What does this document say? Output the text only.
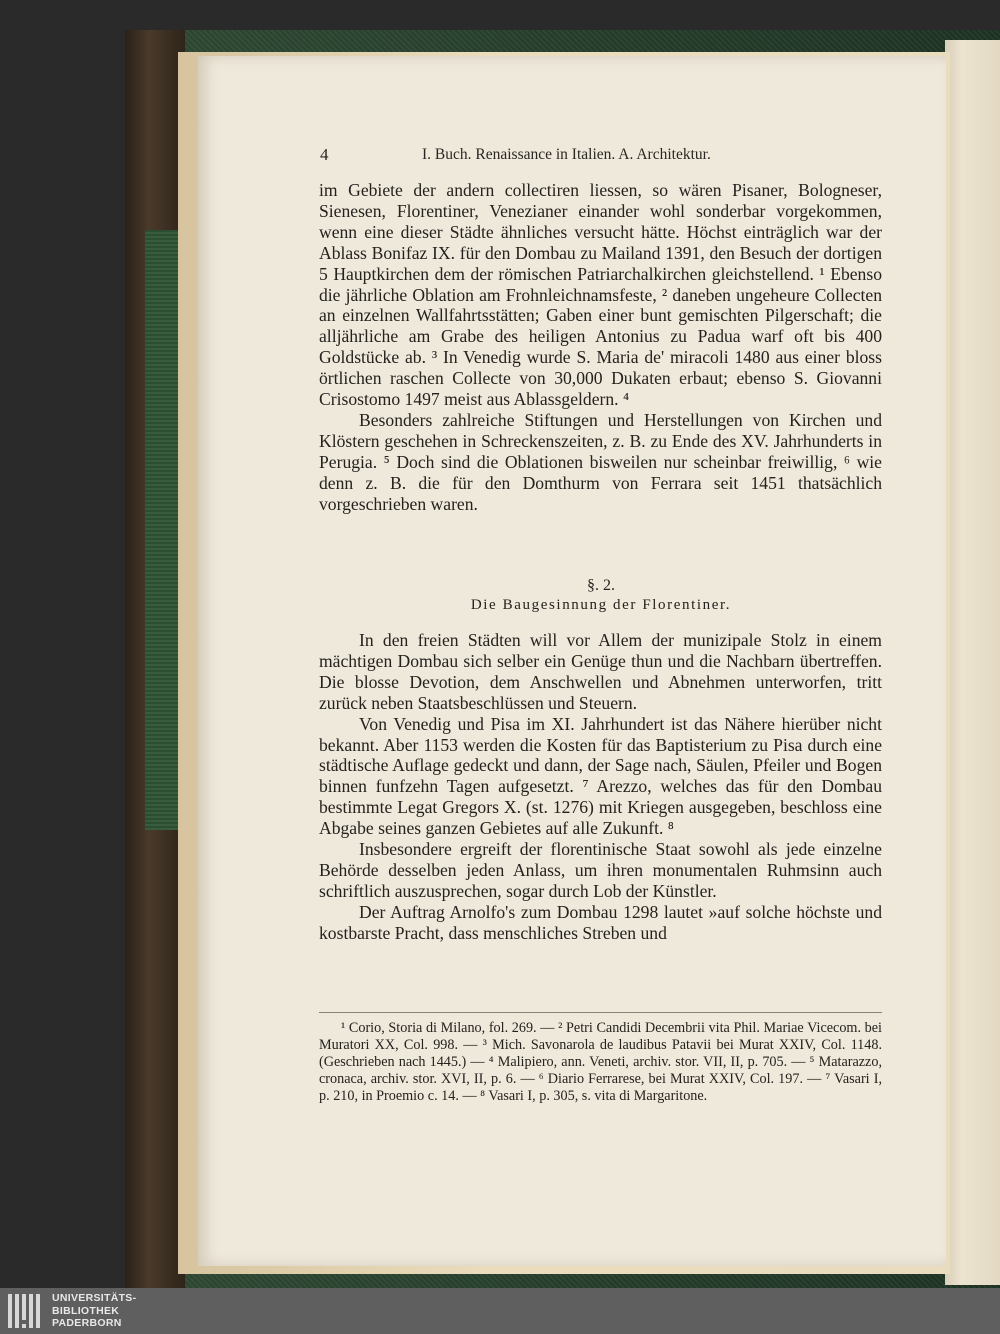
4	I. Buch. Renaissance in Italien. A. Architektur.

im Gebiete der andern collectiren liessen, so wären Pisaner, Bologneser, Sienesen, Florentiner, Venezianer einander wohl sonderbar vorgekommen, wenn eine dieser Städte ähnliches versucht hätte. Höchst einträglich war der Ablass Bonifaz IX. für den Dombau zu Mailand 1391, den Besuch der dortigen 5 Hauptkirchen dem der römischen Patriarchalkirchen gleichstellend. ¹ Ebenso die jährliche Oblation am Frohnleichnamsfeste, ² daneben ungeheure Collecten an einzelnen Wallfahrtsstätten; Gaben einer bunt gemischten Pilgerschaft; die alljährliche am Grabe des heiligen Antonius zu Padua warf oft bis 400 Goldstücke ab. ³ In Venedig wurde S. Maria de' miracoli 1480 aus einer bloss örtlichen raschen Collecte von 30,000 Dukaten erbaut; ebenso S. Giovanni Crisostomo 1497 meist aus Ablassgeldern. ⁴

Besonders zahlreiche Stiftungen und Herstellungen von Kirchen und Klöstern geschehen in Schreckenszeiten, z. B. zu Ende des XV. Jahrhunderts in Perugia. ⁵ Doch sind die Oblationen bisweilen nur scheinbar freiwillig, ⁶ wie denn z. B. die für den Domthurm von Ferrara seit 1451 thatsächlich vorgeschrieben waren.

§. 2.
Die Baugesinnung der Florentiner.

In den freien Städten will vor Allem der munizipale Stolz in einem mächtigen Dombau sich selber ein Genüge thun und die Nachbarn übertreffen. Die blosse Devotion, dem Anschwellen und Abnehmen unterworfen, tritt zurück neben Staatsbeschlüssen und Steuern.

Von Venedig und Pisa im XI. Jahrhundert ist das Nähere hierüber nicht bekannt. Aber 1153 werden die Kosten für das Baptisterium zu Pisa durch eine städtische Auflage gedeckt und dann, der Sage nach, Säulen, Pfeiler und Bogen binnen funfzehn Tagen aufgesetzt. ⁷ Arezzo, welches das für den Dombau bestimmte Legat Gregors X. (st. 1276) mit Kriegen ausgegeben, beschloss eine Abgabe seines ganzen Gebietes auf alle Zukunft. ⁸

Insbesondere ergreift der florentinische Staat sowohl als jede einzelne Behörde desselben jeden Anlass, um ihren monumentalen Ruhmsinn auch schriftlich auszusprechen, sogar durch Lob der Künstler.

Der Auftrag Arnolfo's zum Dombau 1298 lautet »auf solche höchste und kostbarste Pracht, dass menschliches Streben und

¹ Corio, Storia di Milano, fol. 269. — ² Petri Candidi Decembrii vita Phil. Mariae Vicecom. bei Muratori XX, Col. 998. — ³ Mich. Savonarola de laudibus Patavii bei Murat XXIV, Col. 1148. (Geschrieben nach 1445.) — ⁴ Malipiero, ann. Veneti, archiv. stor. VII, II, p. 705. — ⁵ Matarazzo, cronaca, archiv. stor. XVI, II, p. 6. — ⁶ Diario Ferrarese, bei Murat XXIV, Col. 197. — ⁷ Vasari I, p. 210, in Proemio c. 14. — ⁸ Vasari I, p. 305, s. vita di Margaritone.

UNIVERSITÄTS-
BIBLIOTHEK
PADERBORN
